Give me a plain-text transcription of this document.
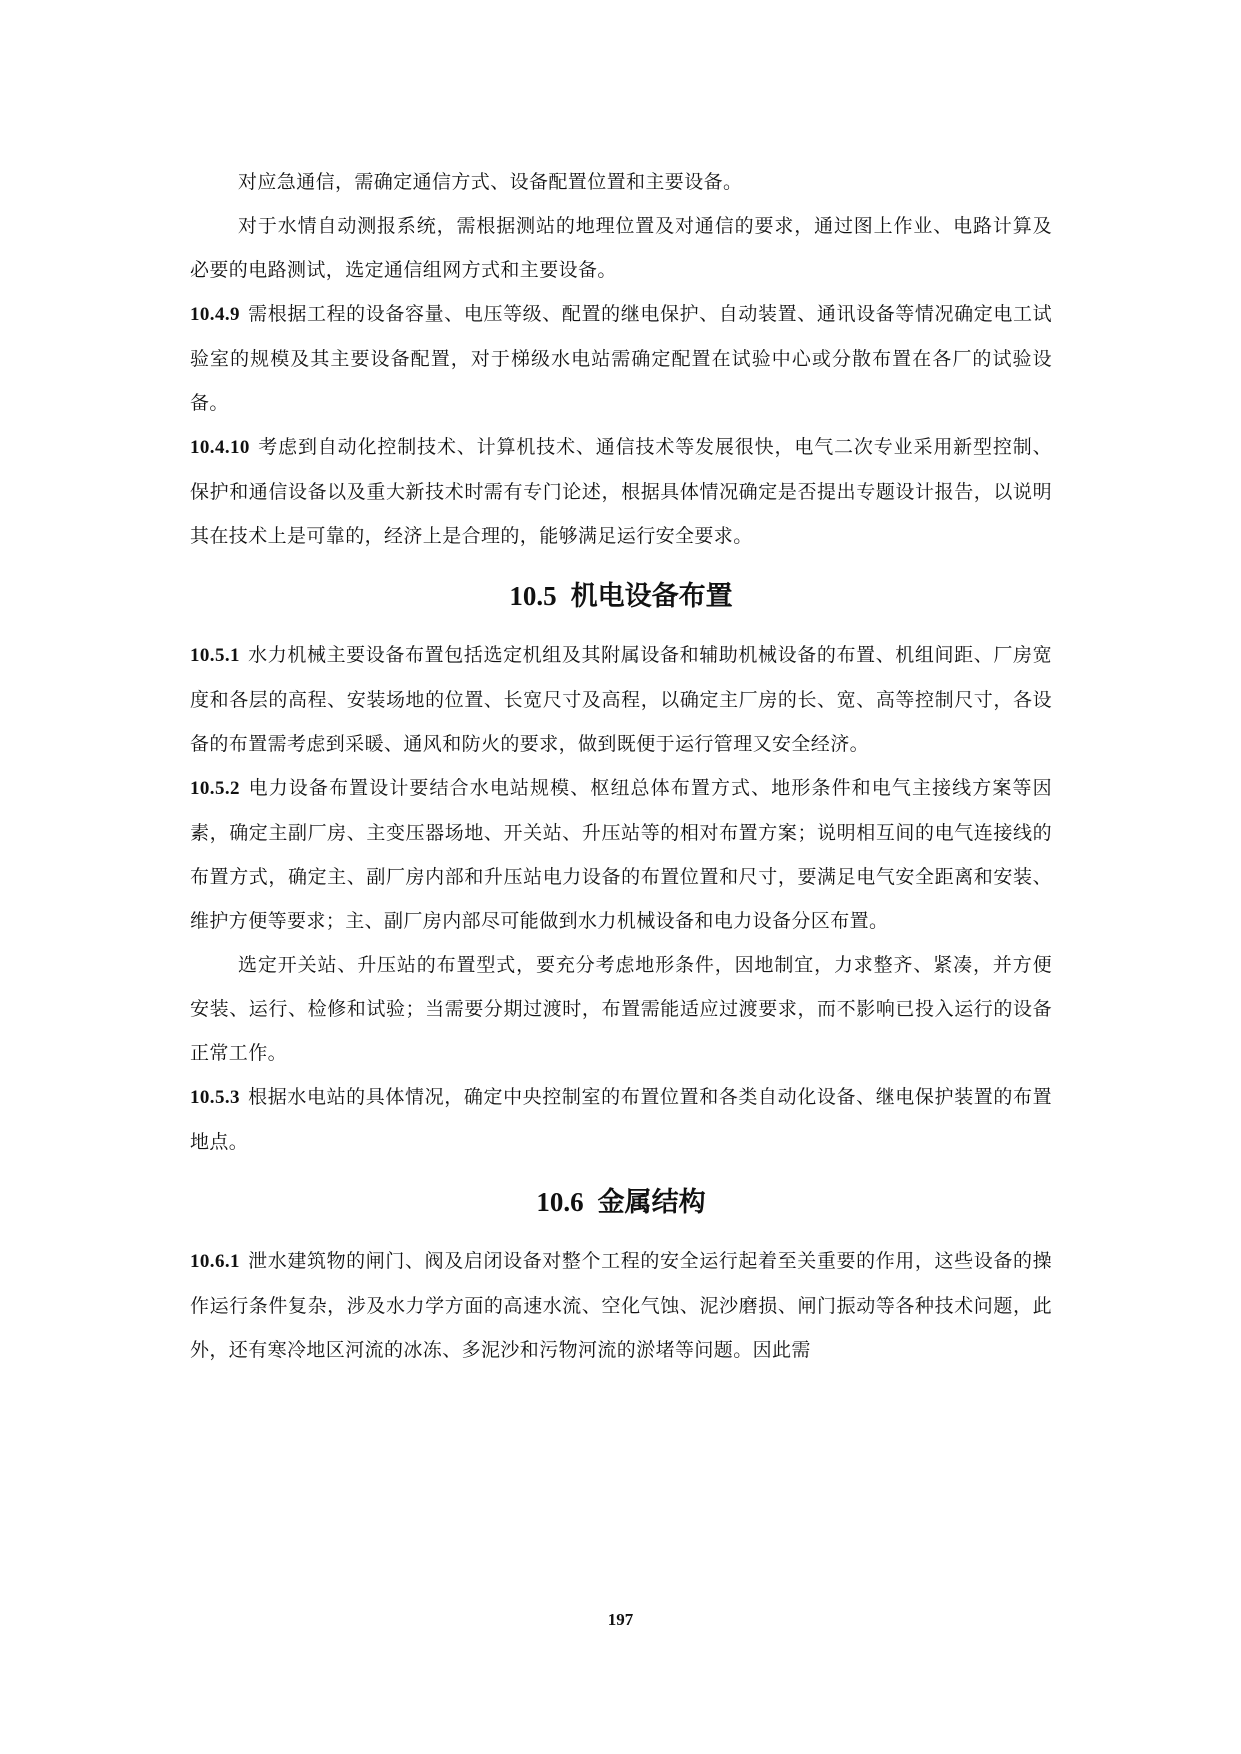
对应急通信，需确定通信方式、设备配置位置和主要设备。

对于水情自动测报系统，需根据测站的地理位置及对通信的要求，通过图上作业、电路计算及必要的电路测试，选定通信组网方式和主要设备。

10.4.9 需根据工程的设备容量、电压等级、配置的继电保护、自动装置、通讯设备等情况确定电工试验室的规模及其主要设备配置，对于梯级水电站需确定配置在试验中心或分散布置在各厂的试验设备。

10.4.10 考虑到自动化控制技术、计算机技术、通信技术等发展很快，电气二次专业采用新型控制、保护和通信设备以及重大新技术时需有专门论述，根据具体情况确定是否提出专题设计报告，以说明其在技术上是可靠的，经济上是合理的，能够满足运行安全要求。

10.5 机电设备布置

10.5.1 水力机械主要设备布置包括选定机组及其附属设备和辅助机械设备的布置、机组间距、厂房宽度和各层的高程、安装场地的位置、长宽尺寸及高程，以确定主厂房的长、宽、高等控制尺寸，各设备的布置需考虑到采暖、通风和防火的要求，做到既便于运行管理又安全经济。

10.5.2 电力设备布置设计要结合水电站规模、枢纽总体布置方式、地形条件和电气主接线方案等因素，确定主副厂房、主变压器场地、开关站、升压站等的相对布置方案；说明相互间的电气连接线的布置方式，确定主、副厂房内部和升压站电力设备的布置位置和尺寸，要满足电气安全距离和安装、维护方便等要求；主、副厂房内部尽可能做到水力机械设备和电力设备分区布置。

选定开关站、升压站的布置型式，要充分考虑地形条件，因地制宜，力求整齐、紧凑，并方便安装、运行、检修和试验；当需要分期过渡时，布置需能适应过渡要求，而不影响已投入运行的设备正常工作。

10.5.3 根据水电站的具体情况，确定中央控制室的布置位置和各类自动化设备、继电保护装置的布置地点。

10.6 金属结构

10.6.1 泄水建筑物的闸门、阀及启闭设备对整个工程的安全运行起着至关重要的作用，这些设备的操作运行条件复杂，涉及水力学方面的高速水流、空化气蚀、泥沙磨损、闸门振动等各种技术问题，此外，还有寒冷地区河流的冰冻、多泥沙和污物河流的淤堵等问题。因此需

197
